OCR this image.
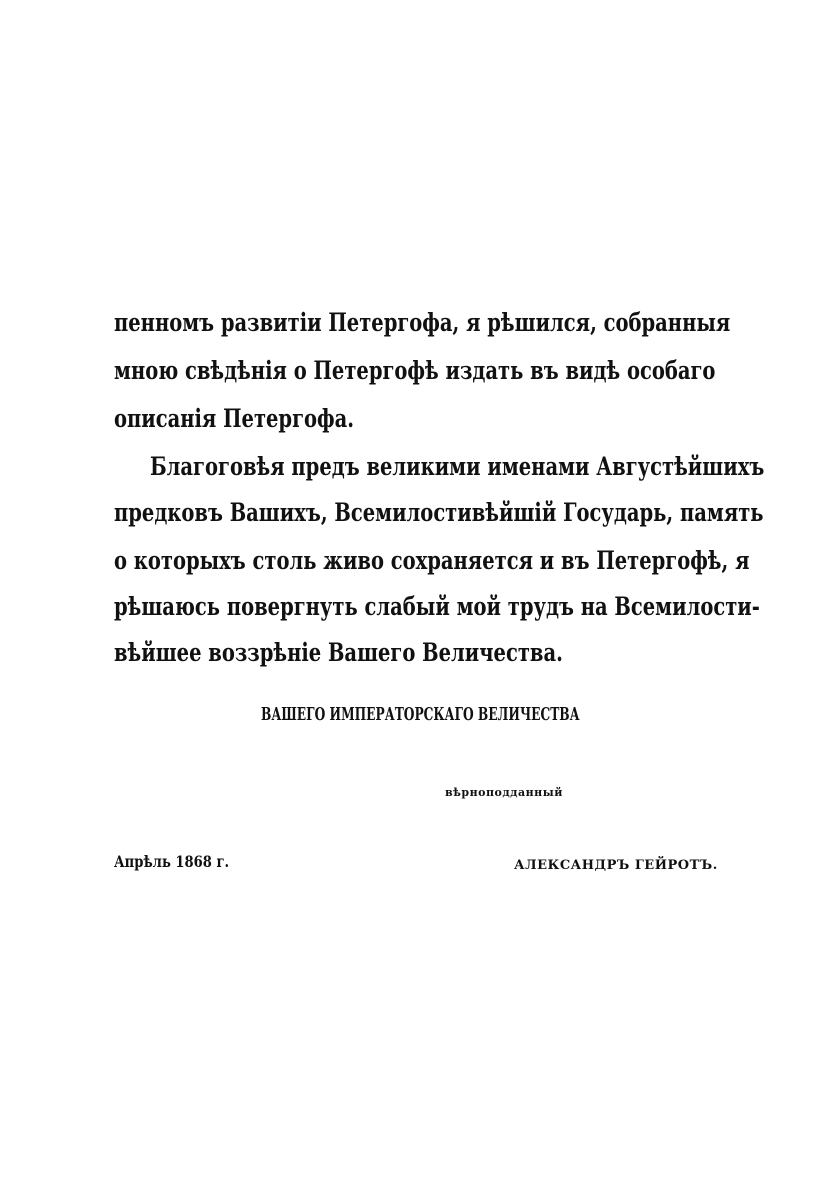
пенномъ развитіи Петергофа, я рѣшился, собранныя
мною свѣдѣнія о Петергофѣ издать въ видѣ особаго
описанія Петергофа.
Благоговѣя предъ великими именами Августѣйшихъ
предковъ Вашихъ, Всемилостивѣйшій Государь, память
о которыхъ столь живо сохраняется и въ Петергофѣ, я
рѣшаюсь повергнуть слабый мой трудъ на Всемилости-
вѣйшее воззрѣніе Вашего Величества.
ВАШЕГО ИМПЕРАТОРСКАГО ВЕЛИЧЕСТВА
вѣрноподданный
Апрѣль 1868 г.	АЛЕКСАНДРЪ ГЕЙРОТЪ.
